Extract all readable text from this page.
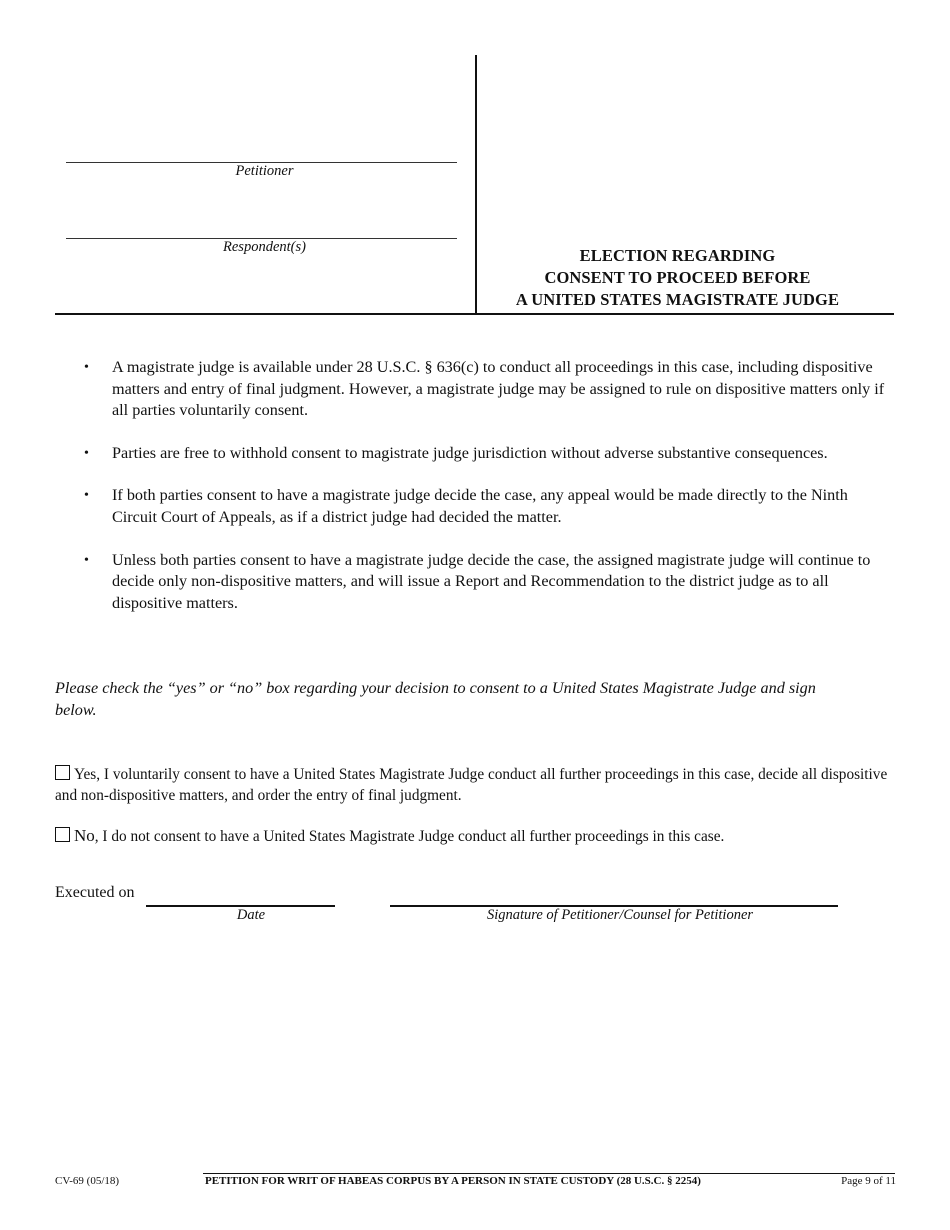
Petitioner
Respondent(s)	ELECTION REGARDING
CONSENT TO PROCEED BEFORE
A UNITED STATES MAGISTRATE JUDGE
• A magistrate judge is available under 28 U.S.C. § 636(c) to conduct all proceedings in this case, including dispositive matters and entry of final judgment. However, a magistrate judge may be assigned to rule on dispositive matters only if all parties voluntarily consent.
• Parties are free to withhold consent to magistrate judge jurisdiction without adverse substantive consequences.
• If both parties consent to have a magistrate judge decide the case, any appeal would be made directly to the Ninth Circuit Court of Appeals, as if a district judge had decided the matter.
• Unless both parties consent to have a magistrate judge decide the case, the assigned magistrate judge will continue to decide only non-dispositive matters, and will issue a Report and Recommendation to the district judge as to all dispositive matters.
Please check the “yes” or “no” box regarding your decision to consent to a United States Magistrate Judge and sign below.
Yes, I voluntarily consent to have a United States Magistrate Judge conduct all further proceedings in this case, decide all dispositive and non-dispositive matters, and order the entry of final judgment.
No, I do not consent to have a United States Magistrate Judge conduct all further proceedings in this case.
Executed on
Date	Signature of Petitioner/Counsel for Petitioner
CV-69 (05/18)	PETITION FOR WRIT OF HABEAS CORPUS BY A PERSON IN STATE CUSTODY (28 U.S.C. § 2254)	Page 9 of 11
